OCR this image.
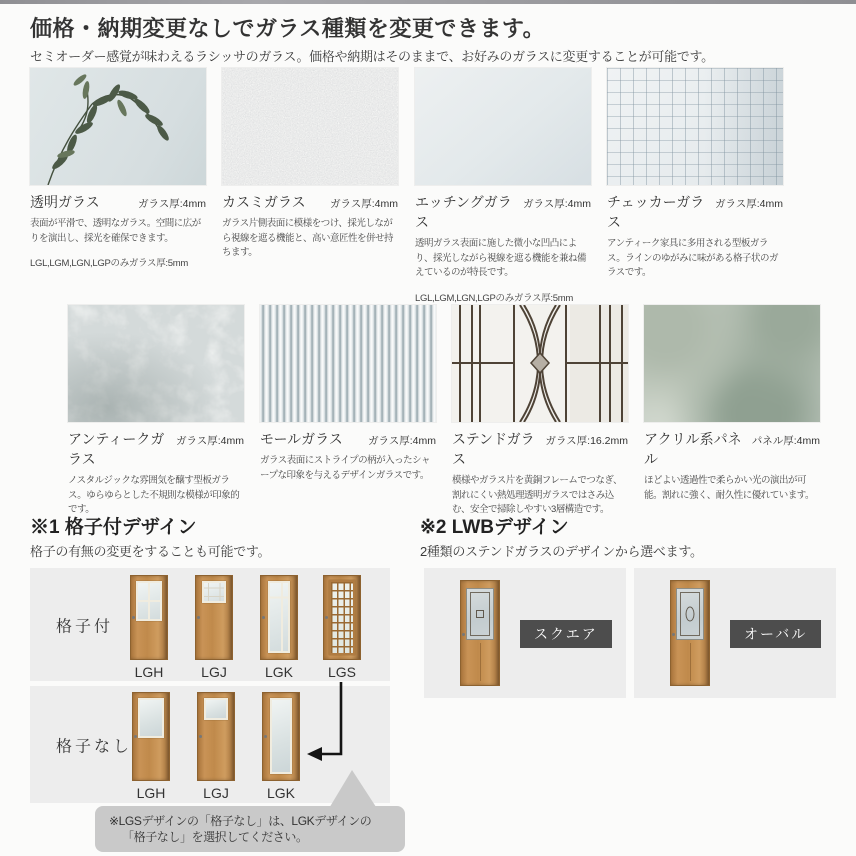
価格・納期変更なしでガラス種類を変更できます。

セミオーダー感覚が味わえるラシッサのガラス。価格や納期はそのままで、お好みのガラスに変更することが可能です。

透明ガラス	ガラス厚:4mm
表面が平滑で、透明なガラス。空間に広がりを演出し、採光を確保できます。
LGL,LGM,LGN,LGPのみガラス厚:5mm
カスミガラス ガラス厚:4mm
ガラス片側表面に模様をつけ、採光しながら視線を遮る機能と、高い意匠性を併せ持ちます。
エッチングガラス
ガラス厚:4mm
透明ガラス表面に施した微小な凹凸により、採光しながら視線を遮る機能を兼ね備えているのが特長です。
LGL,LGM,LGN,LGPのみガラス厚:5mm
チェッカーガラス
ガラス厚:4mm
アンティーク家具に多用される型板ガラス。ラインのゆがみに味がある格子状のガラスです。
アンティークガラス
ガラス厚:4mm
ノスタルジックな雰囲気を醸す型板ガラス。ゆらゆらとした不規則な模様が印象的です。
モールガラス ガラス厚:4mm
ガラス表面にストライプの柄が入ったシャープな印象を与えるデザインガラスです。
ステンドガラス
ガラス厚:16.2mm
模様やガラス片を黄銅フレームでつなぎ、割れにくい熱処理透明ガラスではさみ込む、安全で掃除しやすい3層構造です。
アクリル系パネル
パネル厚:4mm
ほどよい透過性で柔らかい光の演出が可能。割れに強く、耐久性に優れています。
※1 格子付デザイン

格子の有無の変更をすることも可能です。

格子付
LGH	LGJ	LGK	LGS
格子なし
LGH	LGJ	LGK
※LGSデザインの「格子なし」は、LGKデザインの
「格子なし」を選択してください。
※2 LWBデザイン

2種類のステンドガラスのデザインから選べます。

スクエア	オーバル
